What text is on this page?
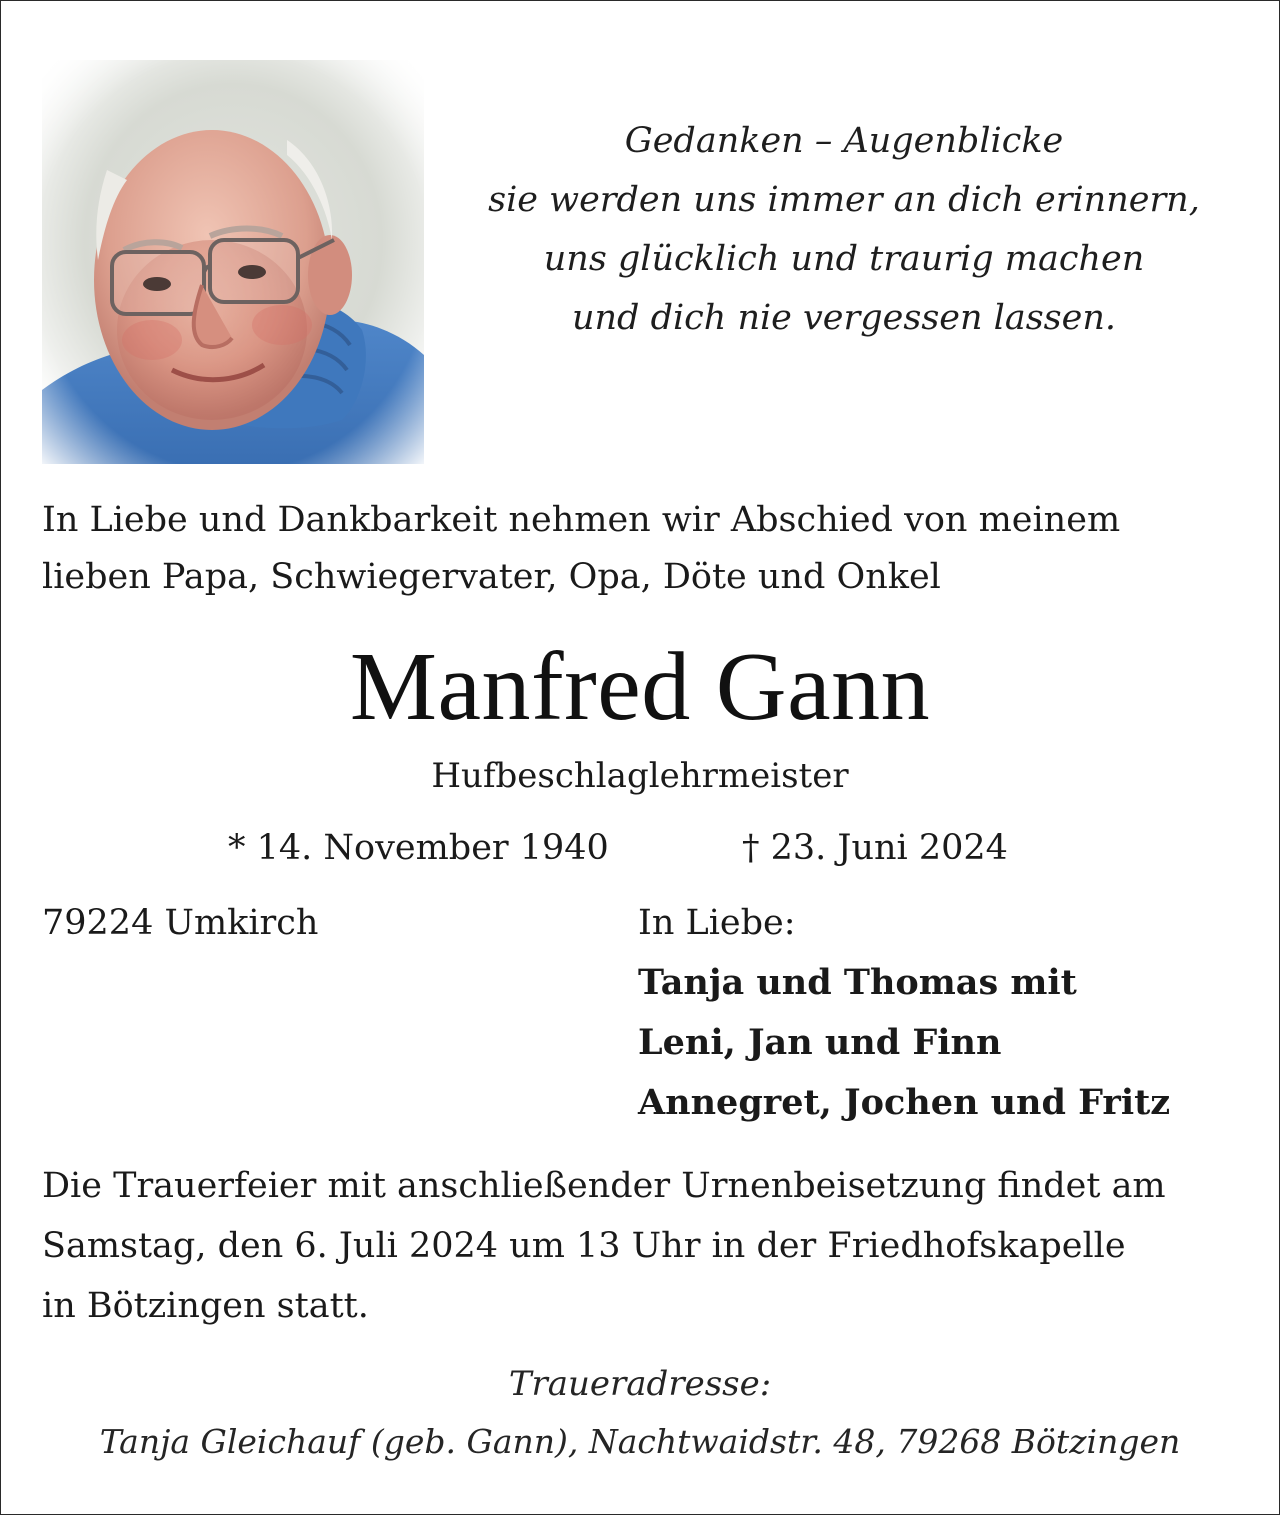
Gedanken – Augenblicke
sie werden uns immer an dich erinnern,
uns glücklich und traurig machen
und dich nie vergessen lassen.
In Liebe und Dankbarkeit nehmen wir Abschied von meinem
lieben Papa, Schwiegervater, Opa, Döte und Onkel
Manfred Gann
Hufbeschlaglehrmeister
* 14. November 1940	† 23. Juni 2024
79224 Umkirch	In Liebe:
Tanja und Thomas mit
Leni, Jan und Finn
Annegret, Jochen und Fritz
Die Trauerfeier mit anschließender Urnenbeisetzung findet am
Samstag, den 6. Juli 2024 um 13 Uhr in der Friedhofskapelle
in Bötzingen statt.
Traueradresse:
Tanja Gleichauf (geb. Gann), Nachtwaidstr. 48, 79268 Bötzingen
